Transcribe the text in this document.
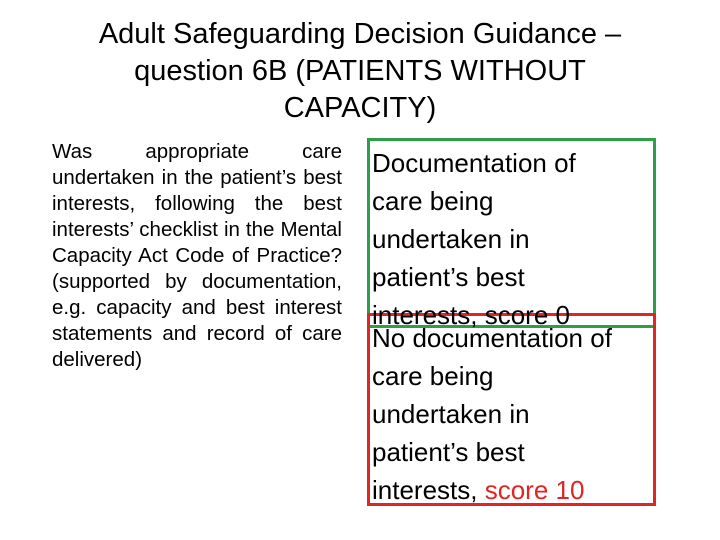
Adult Safeguarding Decision Guidance –
question 6B (PATIENTS WITHOUT
CAPACITY)
Was appropriate care undertaken in the patient’s best interests, following the best interests’ checklist in the Mental Capacity Act Code of Practice? (supported by documentation, e.g. capacity and best interest statements and record of care delivered)
Documentation of
care being
undertaken in
patient’s best
interests, score 0
No documentation of
care being
undertaken in
patient’s best
interests, score 10
